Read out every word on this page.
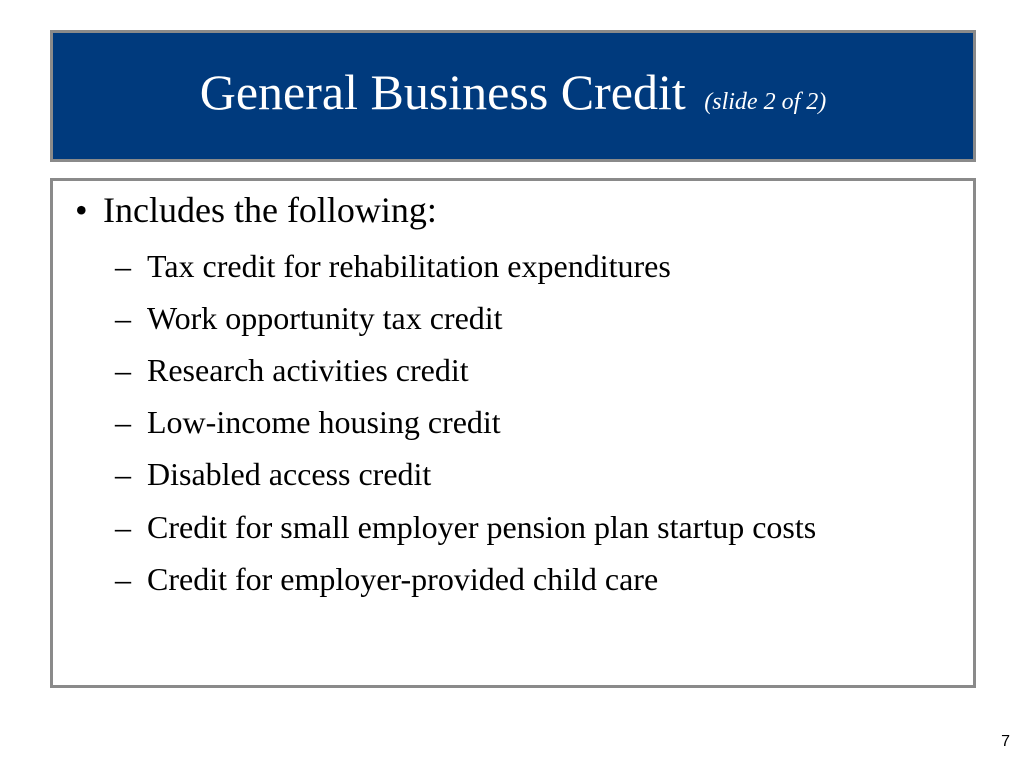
General Business Credit (slide 2 of 2)
• Includes the following:
– Tax credit for rehabilitation expenditures
– Work opportunity tax credit
– Research activities credit
– Low-income housing credit
– Disabled access credit
– Credit for small employer pension plan startup costs
– Credit for employer-provided child care
7
